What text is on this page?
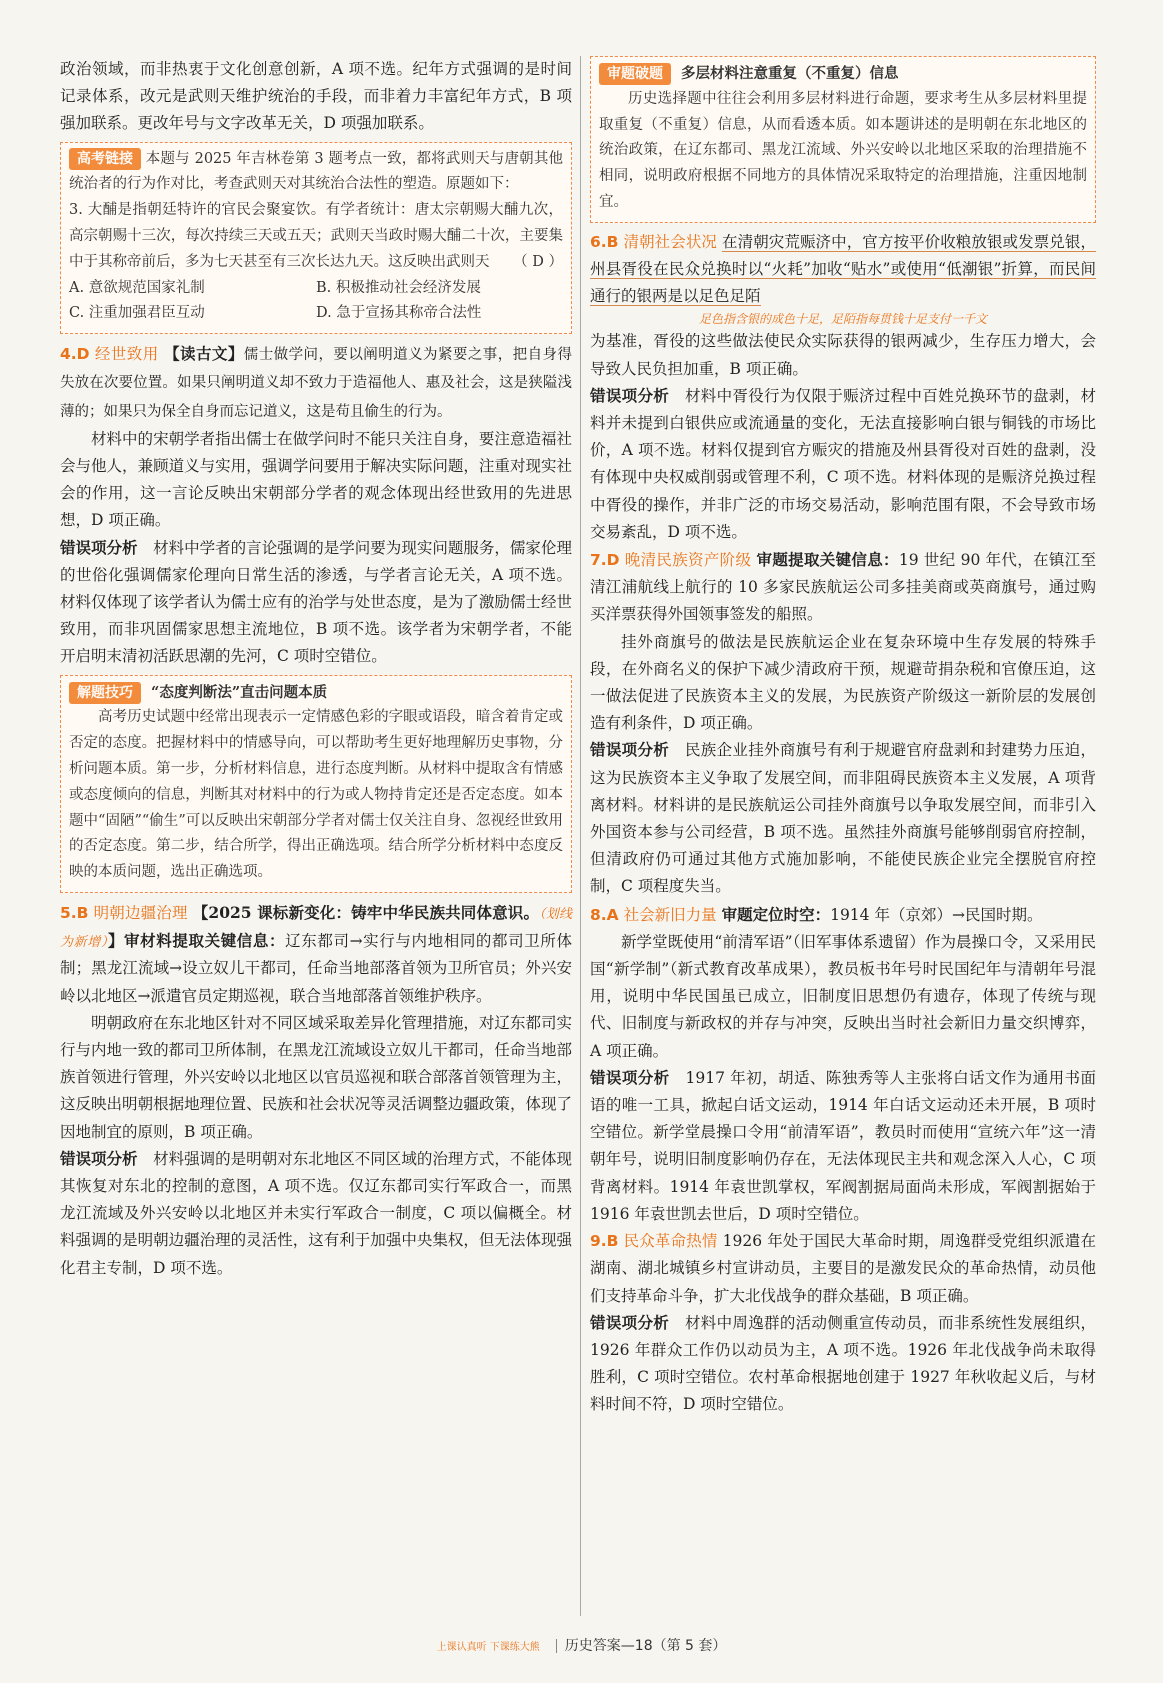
政治领域，而非热衷于文化创意创新，A 项不选。纪年方式强调的是时间记录体系，改元是武则天维护统治的手段，而非着力丰富纪年方式，B 项强加联系。更改年号与文字改革无关，D 项强加联系。

高考链接 本题与 2025 年吉林卷第 3 题考点一致，都将武则天与唐朝其他统治者的行为作对比，考查武则天对其统治合法性的塑造。原题如下：

3. 大酺是指朝廷特许的官民会聚宴饮。有学者统计：唐太宗朝赐大酺九次，高宗朝赐十三次，每次持续三天或五天；武则天当政时赐大酺二十次，主要集中于其称帝前后，多为七天甚至有三次长达九天。这反映出武则天 （ D ）

A. 意欲规范国家礼制	B. 积极推动社会经济发展
C. 注重加强君臣互动	D. 急于宣扬其称帝合法性

4.D 经世致用 【读古文】儒士做学问，要以阐明道义为紧要之事，把自身得失放在次要位置。如果只阐明道义却不致力于造福他人、惠及社会，这是狭隘浅薄的；如果只为保全自身而忘记道义，这是苟且偷生的行为。

材料中的宋朝学者指出儒士在做学问时不能只关注自身，要注意造福社会与他人，兼顾道义与实用，强调学问要用于解决实际问题，注重对现实社会的作用，这一言论反映出宋朝部分学者的观念体现出经世致用的先进思想，D 项正确。

错误项分析　 材料中学者的言论强调的是学问要为现实问题服务，儒家伦理的世俗化强调儒家伦理向日常生活的渗透，与学者言论无关，A 项不选。材料仅体现了该学者认为儒士应有的治学与处世态度，是为了激励儒士经世致用，而非巩固儒家思想主流地位，B 项不选。该学者为宋朝学者，不能开启明末清初活跃思潮的先河，C 项时空错位。

解题技巧	“态度判断法”直击问题本质

高考历史试题中经常出现表示一定情感色彩的字眼或语段，暗含着肯定或否定的态度。把握材料中的情感导向，可以帮助考生更好地理解历史事物，分析问题本质。第一步，分析材料信息，进行态度判断。从材料中提取含有情感或态度倾向的信息，判断其对材料中的行为或人物持肯定还是否定态度。如本题中“固陋”“偷生”可以反映出宋朝部分学者对儒士仅关注自身、忽视经世致用的否定态度。第二步，结合所学，得出正确选项。结合所学分析材料中态度反映的本质问题，选出正确选项。

5.B 明朝边疆治理 【2025 课标新变化：铸牢中华民族共同体意识。（划线为新增）】审材料提取关键信息：辽东都司→实行与内地相同的都司卫所体制；黑龙江流域→设立奴儿干都司，任命当地部落首领为卫所官员；外兴安岭以北地区→派遣官员定期巡视，联合当地部落首领维护秩序。

明朝政府在东北地区针对不同区域采取差异化管理措施，对辽东都司实行与内地一致的都司卫所体制，在黑龙江流域设立奴儿干都司，任命当地部族首领进行管理，外兴安岭以北地区以官员巡视和联合部落首领管理为主，这反映出明朝根据地理位置、民族和社会状况等灵活调整边疆政策，体现了因地制宜的原则，B 项正确。

错误项分析　 材料强调的是明朝对东北地区不同区域的治理方式，不能体现其恢复对东北的控制的意图，A 项不选。仅辽东都司实行军政合一，而黑龙江流域及外兴安岭以北地区并未实行军政合一制度，C 项以偏概全。材料强调的是明朝边疆治理的灵活性，这有利于加强中央集权，但无法体现强化君主专制，D 项不选。

审题破题	多层材料注意重复（不重复）信息

历史选择题中往往会利用多层材料进行命题，要求考生从多层材料里提取重复（不重复）信息，从而看透本质。如本题讲述的是明朝在东北地区的统治政策，在辽东都司、黑龙江流域、外兴安岭以北地区采取的治理措施不相同，说明政府根据不同地方的具体情况采取特定的治理措施，注重因地制宜。

6.B 清朝社会状况 在清朝灾荒赈济中，官方按平价收粮放银或发票兑银，州县胥役在民众兑换时以“火耗”加收“贴水”或使用“低潮银”折算，而民间通行的银两是以足色足陌

足色指含银的成色十足，足陌指每贯钱十足支付一千文

为基准，胥役的这些做法使民众实际获得的银两减少，生存压力增大，会导致人民负担加重，B 项正确。

错误项分析　 材料中胥役行为仅限于赈济过程中百姓兑换环节的盘剥，材料并未提到白银供应或流通量的变化，无法直接影响白银与铜钱的市场比价，A 项不选。材料仅提到官方赈灾的措施及州县胥役对百姓的盘剥，没有体现中央权威削弱或管理不利，C 项不选。材料体现的是赈济兑换过程中胥役的操作，并非广泛的市场交易活动，影响范围有限，不会导致市场交易紊乱，D 项不选。

7.D 晚清民族资产阶级 审题提取关键信息：19 世纪 90 年代，在镇江至清江浦航线上航行的 10 多家民族航运公司多挂美商或英商旗号，通过购买洋票获得外国领事签发的船照。

挂外商旗号的做法是民族航运企业在复杂环境中生存发展的特殊手段，在外商名义的保护下减少清政府干预，规避苛捐杂税和官僚压迫，这一做法促进了民族资本主义的发展，为民族资产阶级这一新阶层的发展创造有利条件，D 项正确。

错误项分析　 民族企业挂外商旗号有利于规避官府盘剥和封建势力压迫，这为民族资本主义争取了发展空间，而非阻碍民族资本主义发展，A 项背离材料。材料讲的是民族航运公司挂外商旗号以争取发展空间，而非引入外国资本参与公司经营，B 项不选。虽然挂外商旗号能够削弱官府控制，但清政府仍可通过其他方式施加影响，不能使民族企业完全摆脱官府控制，C 项程度失当。

8.A 社会新旧力量 审题定位时空：1914 年（京郊）→民国时期。

新学堂既使用“前清军语”（旧军事体系遗留）作为晨操口令，又采用民国“新学制”（新式教育改革成果），教员板书年号时民国纪年与清朝年号混用，说明中华民国虽已成立，旧制度旧思想仍有遗存，体现了传统与现代、旧制度与新政权的并存与冲突，反映出当时社会新旧力量交织博弈，A 项正确。

错误项分析　 1917 年初，胡适、陈独秀等人主张将白话文作为通用书面语的唯一工具，掀起白话文运动，1914 年白话文运动还未开展，B 项时空错位。新学堂晨操口令用“前清军语”，教员时而使用“宣统六年”这一清朝年号，说明旧制度影响仍存在，无法体现民主共和观念深入人心，C 项背离材料。1914 年袁世凯掌权，军阀割据局面尚未形成，军阀割据始于 1916 年袁世凯去世后，D 项时空错位。

9.B 民众革命热情 1926 年处于国民大革命时期，周逸群受党组织派遣在湖南、湖北城镇乡村宣讲动员，主要目的是激发民众的革命热情，动员他们支持革命斗争，扩大北伐战争的群众基础，B 项正确。

错误项分析　 材料中周逸群的活动侧重宣传动员，而非系统性发展组织，1926 年群众工作仍以动员为主，A 项不选。1926 年北伐战争尚未取得胜利，C 项时空错位。农村革命根据地创建于 1927 年秋收起义后，与材料时间不符，D 项时空错位。

上课认真听 下课练大熊 历史答案—18（第 5 套）
